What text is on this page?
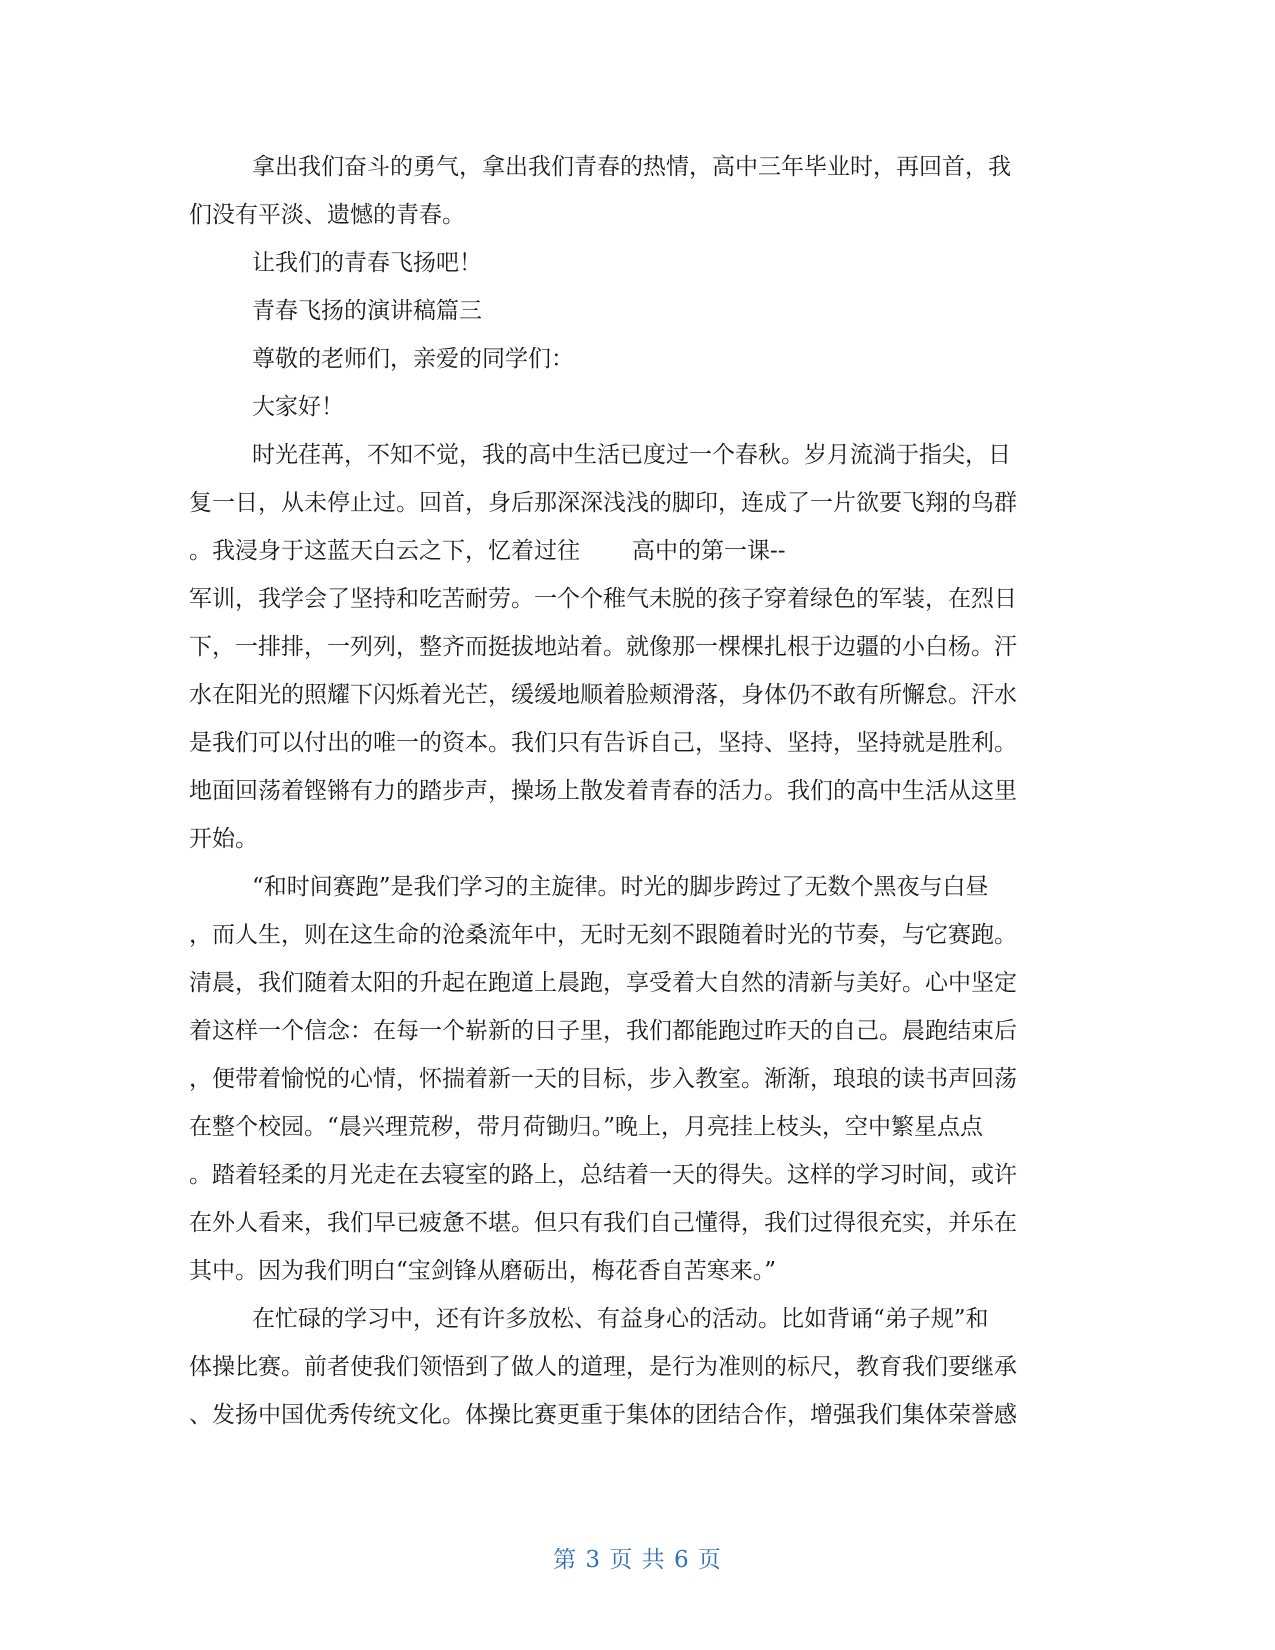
拿出我们奋斗的勇气，拿出我们青春的热情，高中三年毕业时，再回首，我
们没有平淡、遗憾的青春。
让我们的青春飞扬吧！
青春飞扬的演讲稿篇三
尊敬的老师们，亲爱的同学们：
大家好！
时光荏苒，不知不觉，我的高中生活已度过一个春秋。岁月流淌于指尖，日
复一日，从未停止过。回首，身后那深深浅浅的脚印，连成了一片欲要飞翔的鸟群
。我浸身于这蓝天白云之下，忆着过往 高中的第一课--
军训，我学会了坚持和吃苦耐劳。一个个稚气未脱的孩子穿着绿色的军装，在烈日
下，一排排，一列列，整齐而挺拔地站着。就像那一棵棵扎根于边疆的小白杨。汗
水在阳光的照耀下闪烁着光芒，缓缓地顺着脸颊滑落，身体仍不敢有所懈怠。汗水
是我们可以付出的唯一的资本。我们只有告诉自己，坚持、坚持，坚持就是胜利。
地面回荡着铿锵有力的踏步声，操场上散发着青春的活力。我们的高中生活从这里
开始。
“和时间赛跑”是我们学习的主旋律。时光的脚步跨过了无数个黑夜与白昼
，而人生，则在这生命的沧桑流年中，无时无刻不跟随着时光的节奏，与它赛跑。
清晨，我们随着太阳的升起在跑道上晨跑，享受着大自然的清新与美好。心中坚定
着这样一个信念：在每一个崭新的日子里，我们都能跑过昨天的自己。晨跑结束后
，便带着愉悦的心情，怀揣着新一天的目标，步入教室。渐渐，琅琅的读书声回荡
在整个校园。“晨兴理荒秽，带月荷锄归。”晚上，月亮挂上枝头，空中繁星点点
。踏着轻柔的月光走在去寝室的路上，总结着一天的得失。这样的学习时间，或许
在外人看来，我们早已疲惫不堪。但只有我们自己懂得，我们过得很充实，并乐在
其中。因为我们明白“宝剑锋从磨砺出，梅花香自苦寒来。”
在忙碌的学习中，还有许多放松、有益身心的活动。比如背诵“弟子规”和
体操比赛。前者使我们领悟到了做人的道理，是行为准则的标尺，教育我们要继承
、发扬中国优秀传统文化。体操比赛更重于集体的团结合作，增强我们集体荣誉感
第 3 页 共 6 页
